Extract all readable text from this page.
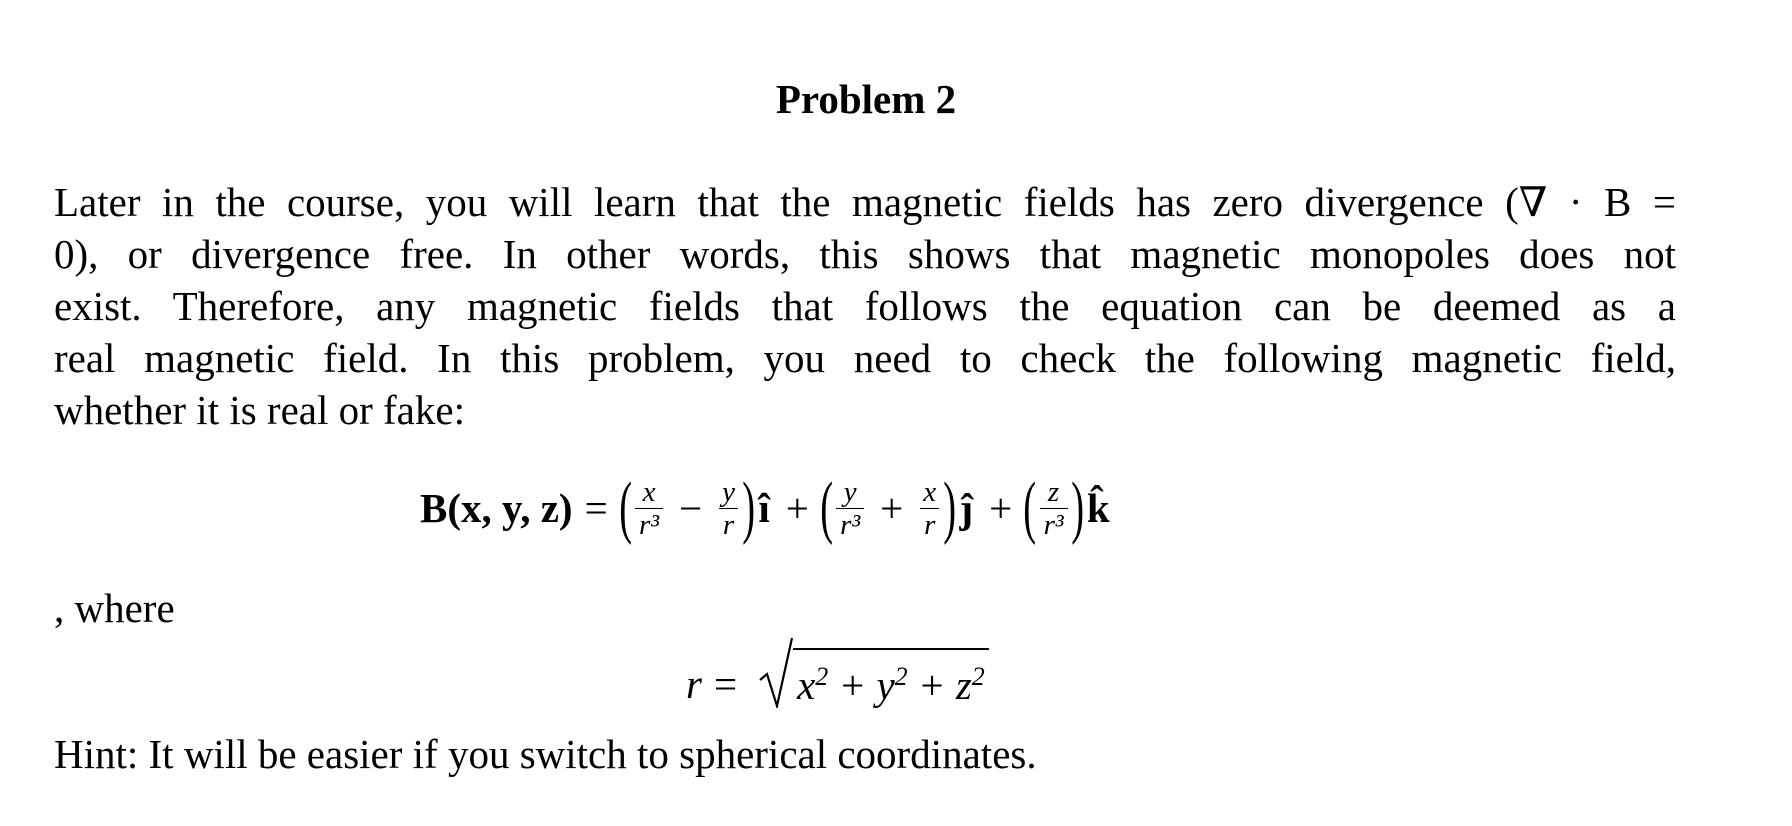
Problem 2
Later in the course, you will learn that the magnetic fields has zero divergence (∇ · B =
0), or divergence free. In other words, this shows that magnetic monopoles does not
exist. Therefore, any magnetic fields that follows the equation can be deemed as a
real magnetic field. In this problem, you need to check the following magnetic field,
whether it is real or fake:
B(x, y, z) = ( $\frac{x}{\text{r³}} - \frac{y}{r}$ ) î + ( $\frac{y}{\text{r³}} + \frac{x}{r}$ ) ĵ + ( $\frac{z}{\text{r³}}$ ) k̂
, where
$r = x^2 + y^2 + z^2$
Hint: It will be easier if you switch to spherical coordinates.
